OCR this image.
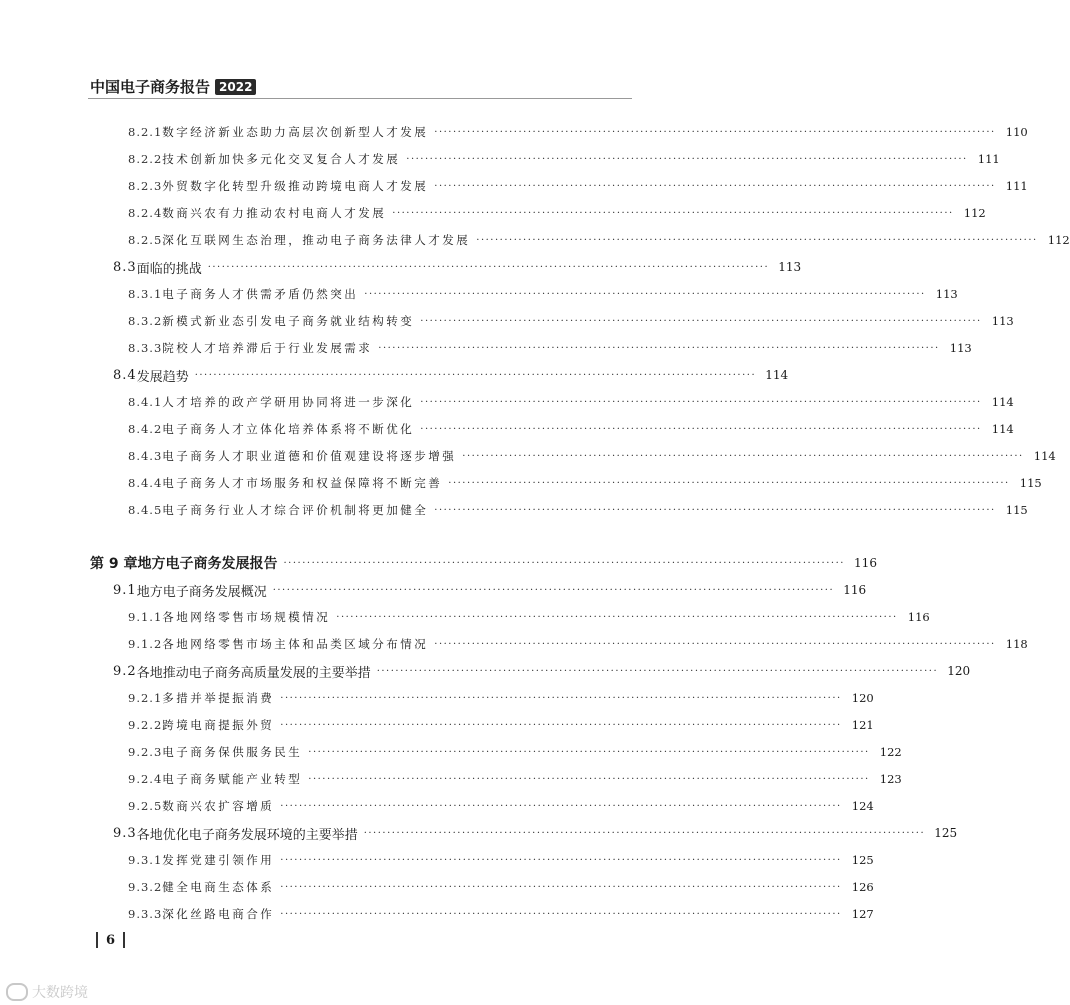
中国电子商务报告 2022
8.2.1 数字经济新业态助力高层次创新型人才发展 ························································································································ 110
8.2.2 技术创新加快多元化交叉复合人才发展 ························································································································ 111
8.2.3 外贸数字化转型升级推动跨境电商人才发展 ························································································································ 111
8.2.4 数商兴农有力推动农村电商人才发展 ························································································································ 112
8.2.5 深化互联网生态治理，推动电子商务法律人才发展 ························································································································ 112
8.3 面临的挑战 ························································································································ 113
8.3.1 电子商务人才供需矛盾仍然突出 ························································································································ 113
8.3.2 新模式新业态引发电子商务就业结构转变 ························································································································ 113
8.3.3 院校人才培养滞后于行业发展需求 ························································································································ 113
8.4 发展趋势 ························································································································ 114
8.4.1 人才培养的政产学研用协同将进一步深化 ························································································································ 114
8.4.2 电子商务人才立体化培养体系将不断优化 ························································································································ 114
8.4.3 电子商务人才职业道德和价值观建设将逐步增强 ························································································································ 114
8.4.4 电子商务人才市场服务和权益保障将不断完善 ························································································································ 115
8.4.5 电子商务行业人才综合评价机制将更加健全 ························································································································ 115
第 9 章 地方电子商务发展报告 ························································································································ 116
9.1 地方电子商务发展概况 ························································································································ 116
9.1.1 各地网络零售市场规模情况 ························································································································ 116
9.1.2 各地网络零售市场主体和品类区域分布情况 ························································································································ 118
9.2 各地推动电子商务高质量发展的主要举措 ························································································································ 120
9.2.1 多措并举提振消费 ························································································································ 120
9.2.2 跨境电商提振外贸 ························································································································ 121
9.2.3 电子商务保供服务民生 ························································································································ 122
9.2.4 电子商务赋能产业转型 ························································································································ 123
9.2.5 数商兴农扩容增质 ························································································································ 124
9.3 各地优化电子商务发展环境的主要举措 ························································································································ 125
9.3.1 发挥党建引领作用 ························································································································ 125
9.3.2 健全电商生态体系 ························································································································ 126
9.3.3 深化丝路电商合作 ························································································································ 127
6
大数跨境
